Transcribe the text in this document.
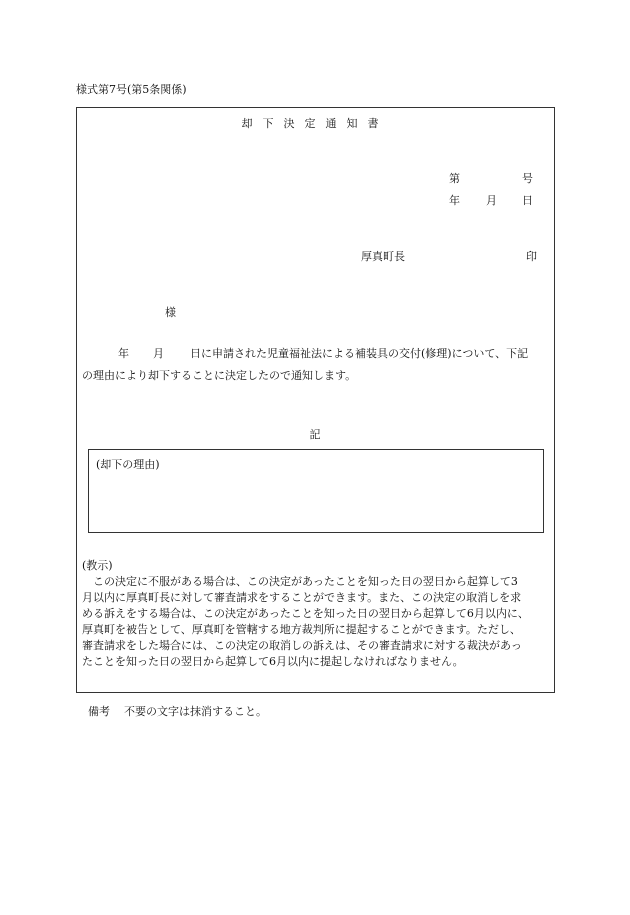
様式第7号(第5条関係)
却下決定通知書
第	号
年 月 日
厚真町長	印
様
年 月 日に申請された児童福祉法による補装具の交付(修理)について、下記
の理由により却下することに決定したので通知します。
記
(却下の理由)
(教示)
この決定に不服がある場合は、この決定があったことを知った日の翌日から起算して3
月以内に厚真町長に対して審査請求をすることができます。また、この決定の取消しを求
める訴えをする場合は、この決定があったことを知った日の翌日から起算して6月以内に、
厚真町を被告として、厚真町を管轄する地方裁判所に提起することができます。ただし、
審査請求をした場合には、この決定の取消しの訴えは、その審査請求に対する裁決があっ
たことを知った日の翌日から起算して6月以内に提起しなければなりません。
備考 不要の文字は抹消すること。
